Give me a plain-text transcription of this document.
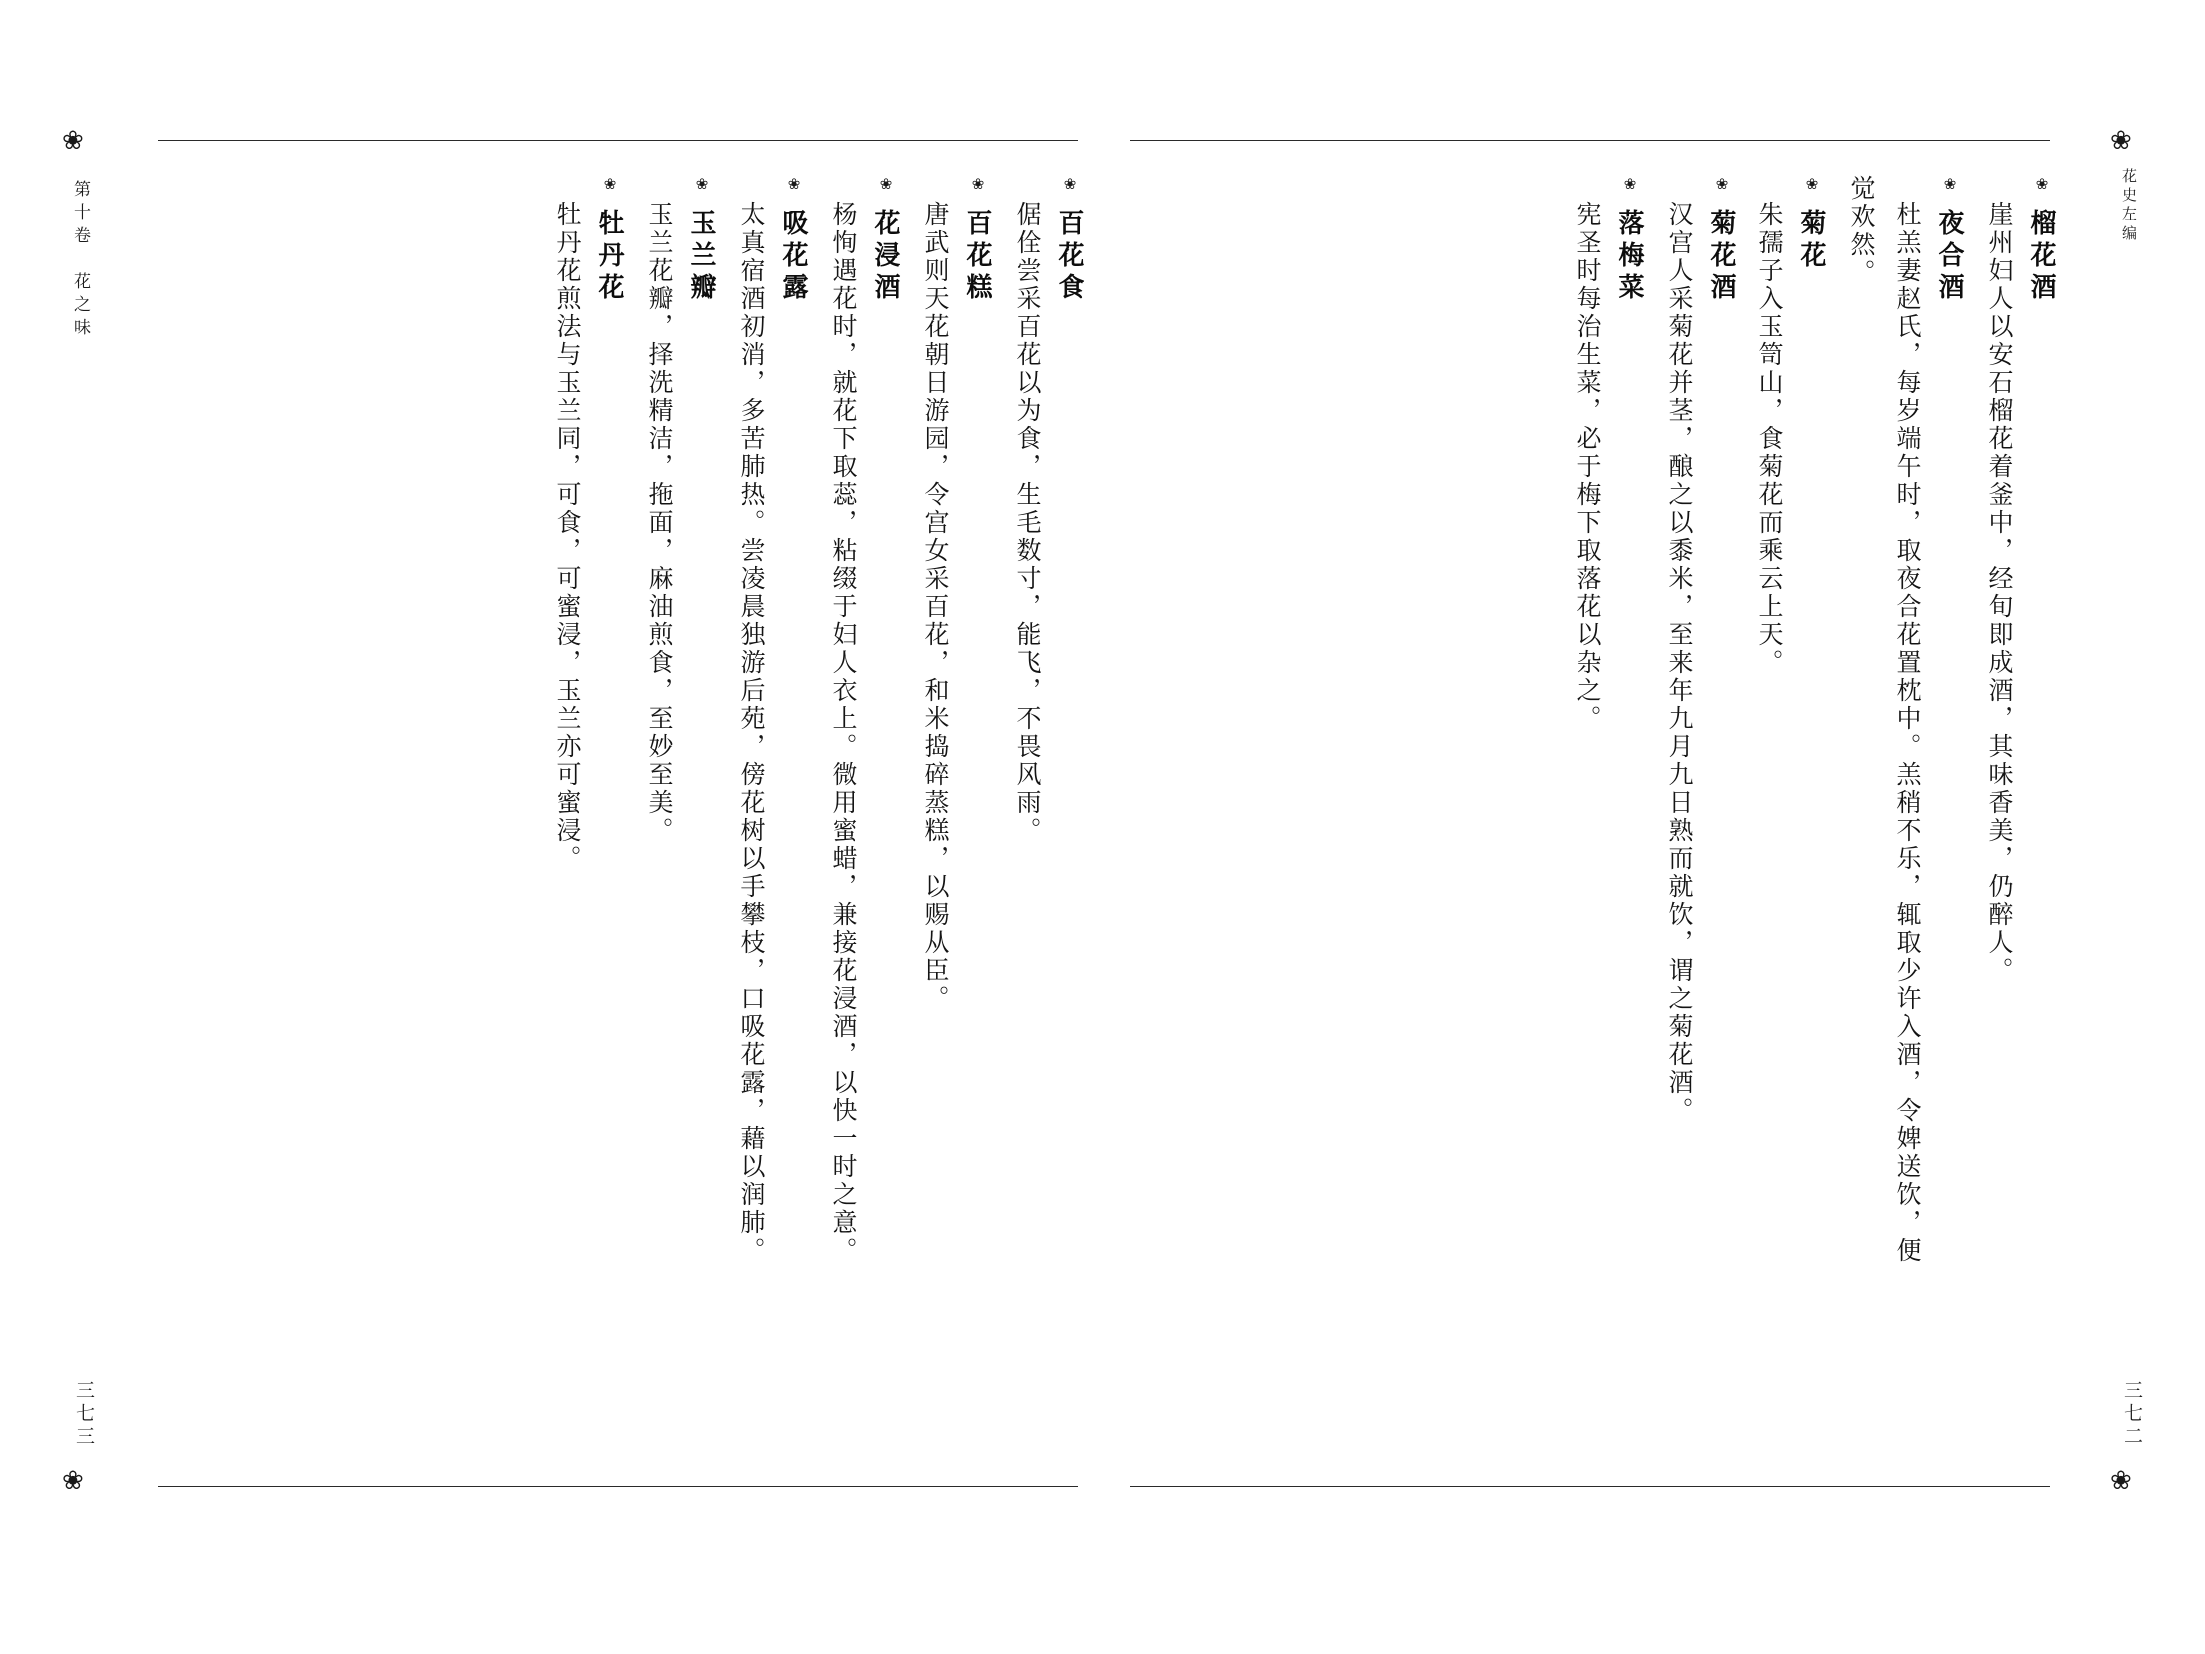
❀
❀
❀
❀
第十卷　花之味	花史左编
三七三	三七二
❀榴花酒
崖州妇人以安石榴花着釜中，经旬即成酒，其味香美，仍醉人。
❀夜合酒
杜羔妻赵氏，每岁端午时，取夜合花置枕中。羔稍不乐，辄取少许入酒，令婢送饮，便
觉欢然。
❀菊花
朱孺子入玉笥山，食菊花而乘云上天。
❀菊花酒
汉宫人采菊花并茎，酿之以黍米，至来年九月九日熟而就饮，谓之菊花酒。
❀落梅菜
宪圣时每治生菜，必于梅下取落花以杂之。
❀百花食
倨佺尝采百花以为食，生毛数寸，能飞，不畏风雨。
❀百花糕
唐武则天花朝日游园，令宫女采百花，和米捣碎蒸糕，以赐从臣。
❀花浸酒
杨恂遇花时，就花下取蕊，粘缀于妇人衣上。微用蜜蜡，兼接花浸酒，以快一时之意。
❀吸花露
太真宿酒初消，多苦肺热。尝凌晨独游后苑，傍花树以手攀枝，口吸花露，藉以润肺。
❀玉兰瓣
玉兰花瓣，择洗精洁，拖面，麻油煎食，至妙至美。
❀牡丹花
牡丹花煎法与玉兰同，可食，可蜜浸，玉兰亦可蜜浸。
